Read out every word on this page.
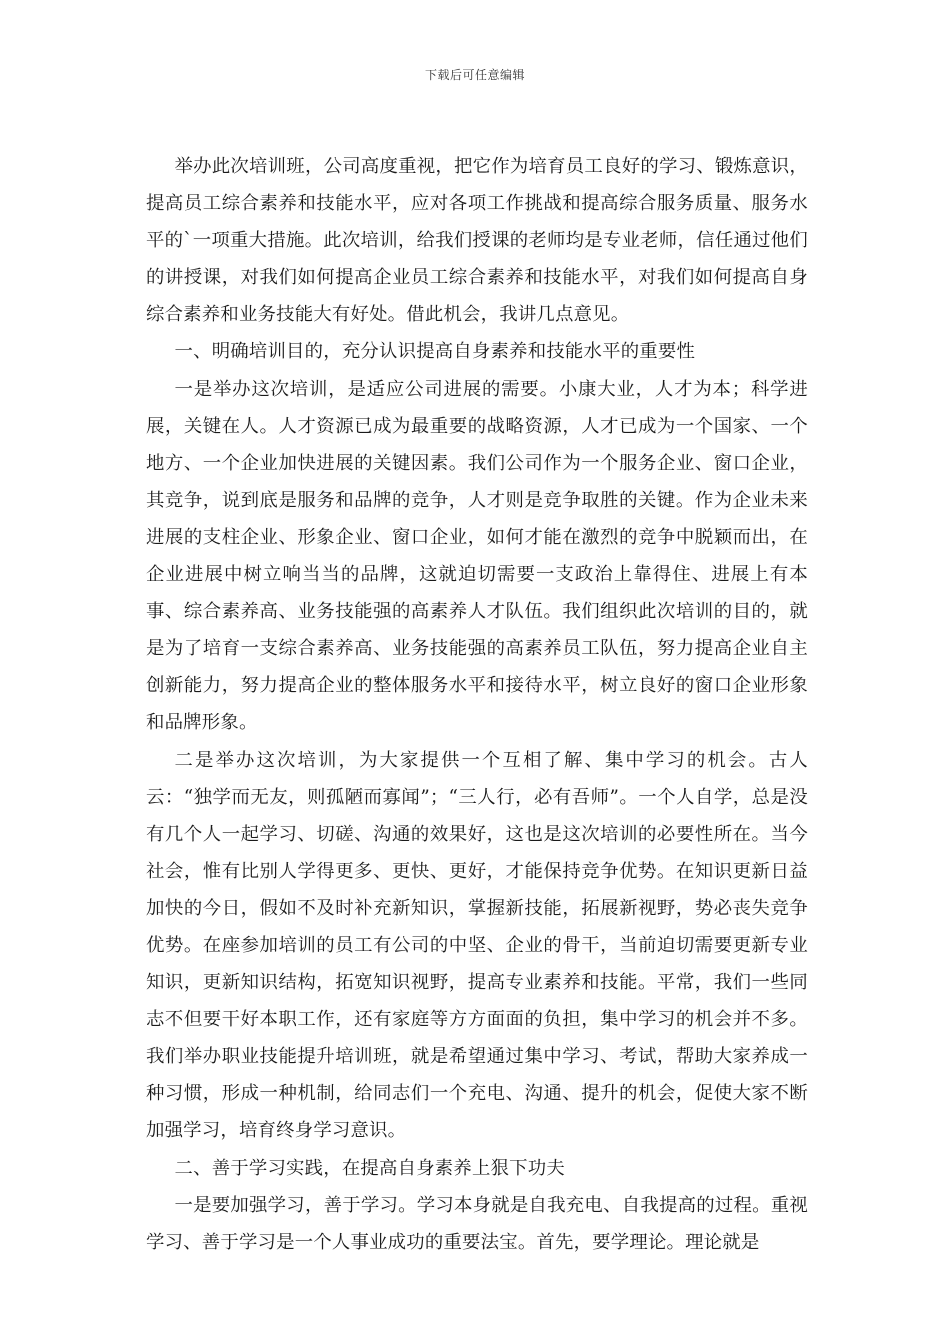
下载后可任意编辑

举办此次培训班，公司高度重视，把它作为培育员工良好的学习、锻炼意识，提高员工综合素养和技能水平，应对各项工作挑战和提高综合服务质量、服务水平的`一项重大措施。此次培训，给我们授课的老师均是专业老师，信任通过他们的讲授课，对我们如何提高企业员工综合素养和技能水平，对我们如何提高自身综合素养和业务技能大有好处。借此机会，我讲几点意见。

一、明确培训目的，充分认识提高自身素养和技能水平的重要性

一是举办这次培训，是适应公司进展的需要。小康大业，人才为本；科学进展，关键在人。人才资源已成为最重要的战略资源，人才已成为一个国家、一个地方、一个企业加快进展的关键因素。我们公司作为一个服务企业、窗口企业，其竞争，说到底是服务和品牌的竞争，人才则是竞争取胜的关键。作为企业未来进展的支柱企业、形象企业、窗口企业，如何才能在激烈的竞争中脱颖而出，在企业进展中树立响当当的品牌，这就迫切需要一支政治上靠得住、进展上有本事、综合素养高、业务技能强的高素养人才队伍。我们组织此次培训的目的，就是为了培育一支综合素养高、业务技能强的高素养员工队伍，努力提高企业自主创新能力，努力提高企业的整体服务水平和接待水平，树立良好的窗口企业形象和品牌形象。

二是举办这次培训，为大家提供一个互相了解、集中学习的机会。古人云：“独学而无友，则孤陋而寡闻”；“三人行，必有吾师”。一个人自学，总是没有几个人一起学习、切磋、沟通的效果好，这也是这次培训的必要性所在。当今社会，惟有比别人学得更多、更快、更好，才能保持竞争优势。在知识更新日益加快的今日，假如不及时补充新知识，掌握新技能，拓展新视野，势必丧失竞争优势。在座参加培训的员工有公司的中坚、企业的骨干，当前迫切需要更新专业知识，更新知识结构，拓宽知识视野，提高专业素养和技能。平常，我们一些同志不但要干好本职工作，还有家庭等方方面面的负担，集中学习的机会并不多。我们举办职业技能提升培训班，就是希望通过集中学习、考试，帮助大家养成一种习惯，形成一种机制，给同志们一个充电、沟通、提升的机会，促使大家不断加强学习，培育终身学习意识。

二、善于学习实践，在提高自身素养上狠下功夫

一是要加强学习，善于学习。学习本身就是自我充电、自我提高的过程。重视学习、善于学习是一个人事业成功的重要法宝。首先，要学理论。理论就是
